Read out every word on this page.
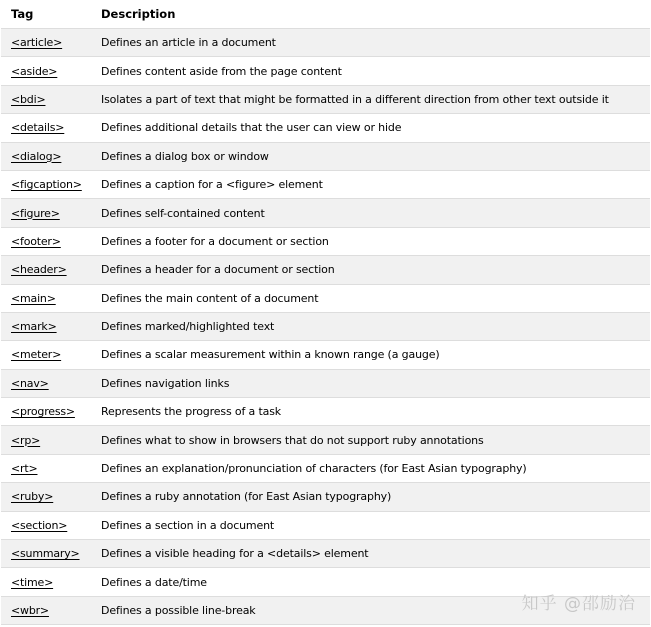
Tag	Description
<article>	Defines an article in a document
<aside>	Defines content aside from the page content
<bdi>	Isolates a part of text that might be formatted in a different direction from other text outside it
<details>	Defines additional details that the user can view or hide
<dialog>	Defines a dialog box or window
<figcaption>	Defines a caption for a <figure> element
<figure>	Defines self-contained content
<footer>	Defines a footer for a document or section
<header>	Defines a header for a document or section
<main>	Defines the main content of a document
<mark>	Defines marked/highlighted text
<meter>	Defines a scalar measurement within a known range (a gauge)
<nav>	Defines navigation links
<progress>	Represents the progress of a task
<rp>	Defines what to show in browsers that do not support ruby annotations
<rt>	Defines an explanation/pronunciation of characters (for East Asian typography)
<ruby>	Defines a ruby annotation (for East Asian typography)
<section>	Defines a section in a document
<summary>	Defines a visible heading for a <details> element
<time>	Defines a date/time
<wbr>	Defines a possible line-break	知乎 @邵励治
